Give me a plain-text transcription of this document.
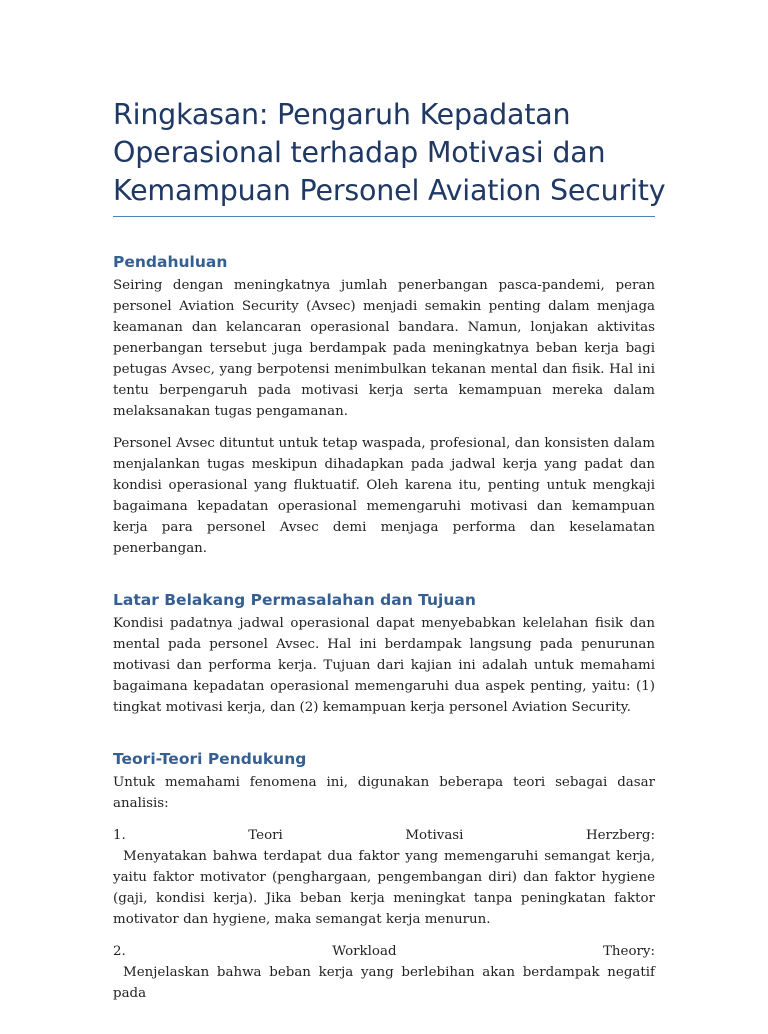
Ringkasan: Pengaruh Kepadatan
Operasional terhadap Motivasi dan
Kemampuan Personel Aviation Security
Pendahuluan

Seiring dengan meningkatnya jumlah penerbangan pasca-pandemi, peran personel Aviation Security (Avsec) menjadi semakin penting dalam menjaga keamanan dan kelancaran operasional bandara. Namun, lonjakan aktivitas penerbangan tersebut juga berdampak pada meningkatnya beban kerja bagi petugas Avsec, yang berpotensi menimbulkan tekanan mental dan fisik. Hal ini tentu berpengaruh pada motivasi kerja serta kemampuan mereka dalam melaksanakan tugas pengamanan.

Personel Avsec dituntut untuk tetap waspada, profesional, dan konsisten dalam menjalankan tugas meskipun dihadapkan pada jadwal kerja yang padat dan kondisi operasional yang fluktuatif. Oleh karena itu, penting untuk mengkaji bagaimana kepadatan operasional memengaruhi motivasi dan kemampuan kerja para personel Avsec demi menjaga performa dan keselamatan penerbangan.

Latar Belakang Permasalahan dan Tujuan

Kondisi padatnya jadwal operasional dapat menyebabkan kelelahan fisik dan mental pada personel Avsec. Hal ini berdampak langsung pada penurunan motivasi dan performa kerja. Tujuan dari kajian ini adalah untuk memahami bagaimana kepadatan operasional memengaruhi dua aspek penting, yaitu: (1) tingkat motivasi kerja, dan (2) kemampuan kerja personel Aviation Security.

Teori-Teori Pendukung

Untuk memahami fenomena ini, digunakan beberapa teori sebagai dasar analisis:

1. Teori Motivasi Herzberg:
Menyatakan bahwa terdapat dua faktor yang memengaruhi semangat kerja, yaitu faktor motivator (penghargaan, pengembangan diri) dan faktor hygiene (gaji, kondisi kerja). Jika beban kerja meningkat tanpa peningkatan faktor motivator dan hygiene, maka semangat kerja menurun.
2. Workload Theory:
Menjelaskan bahwa beban kerja yang berlebihan akan berdampak negatif pada
